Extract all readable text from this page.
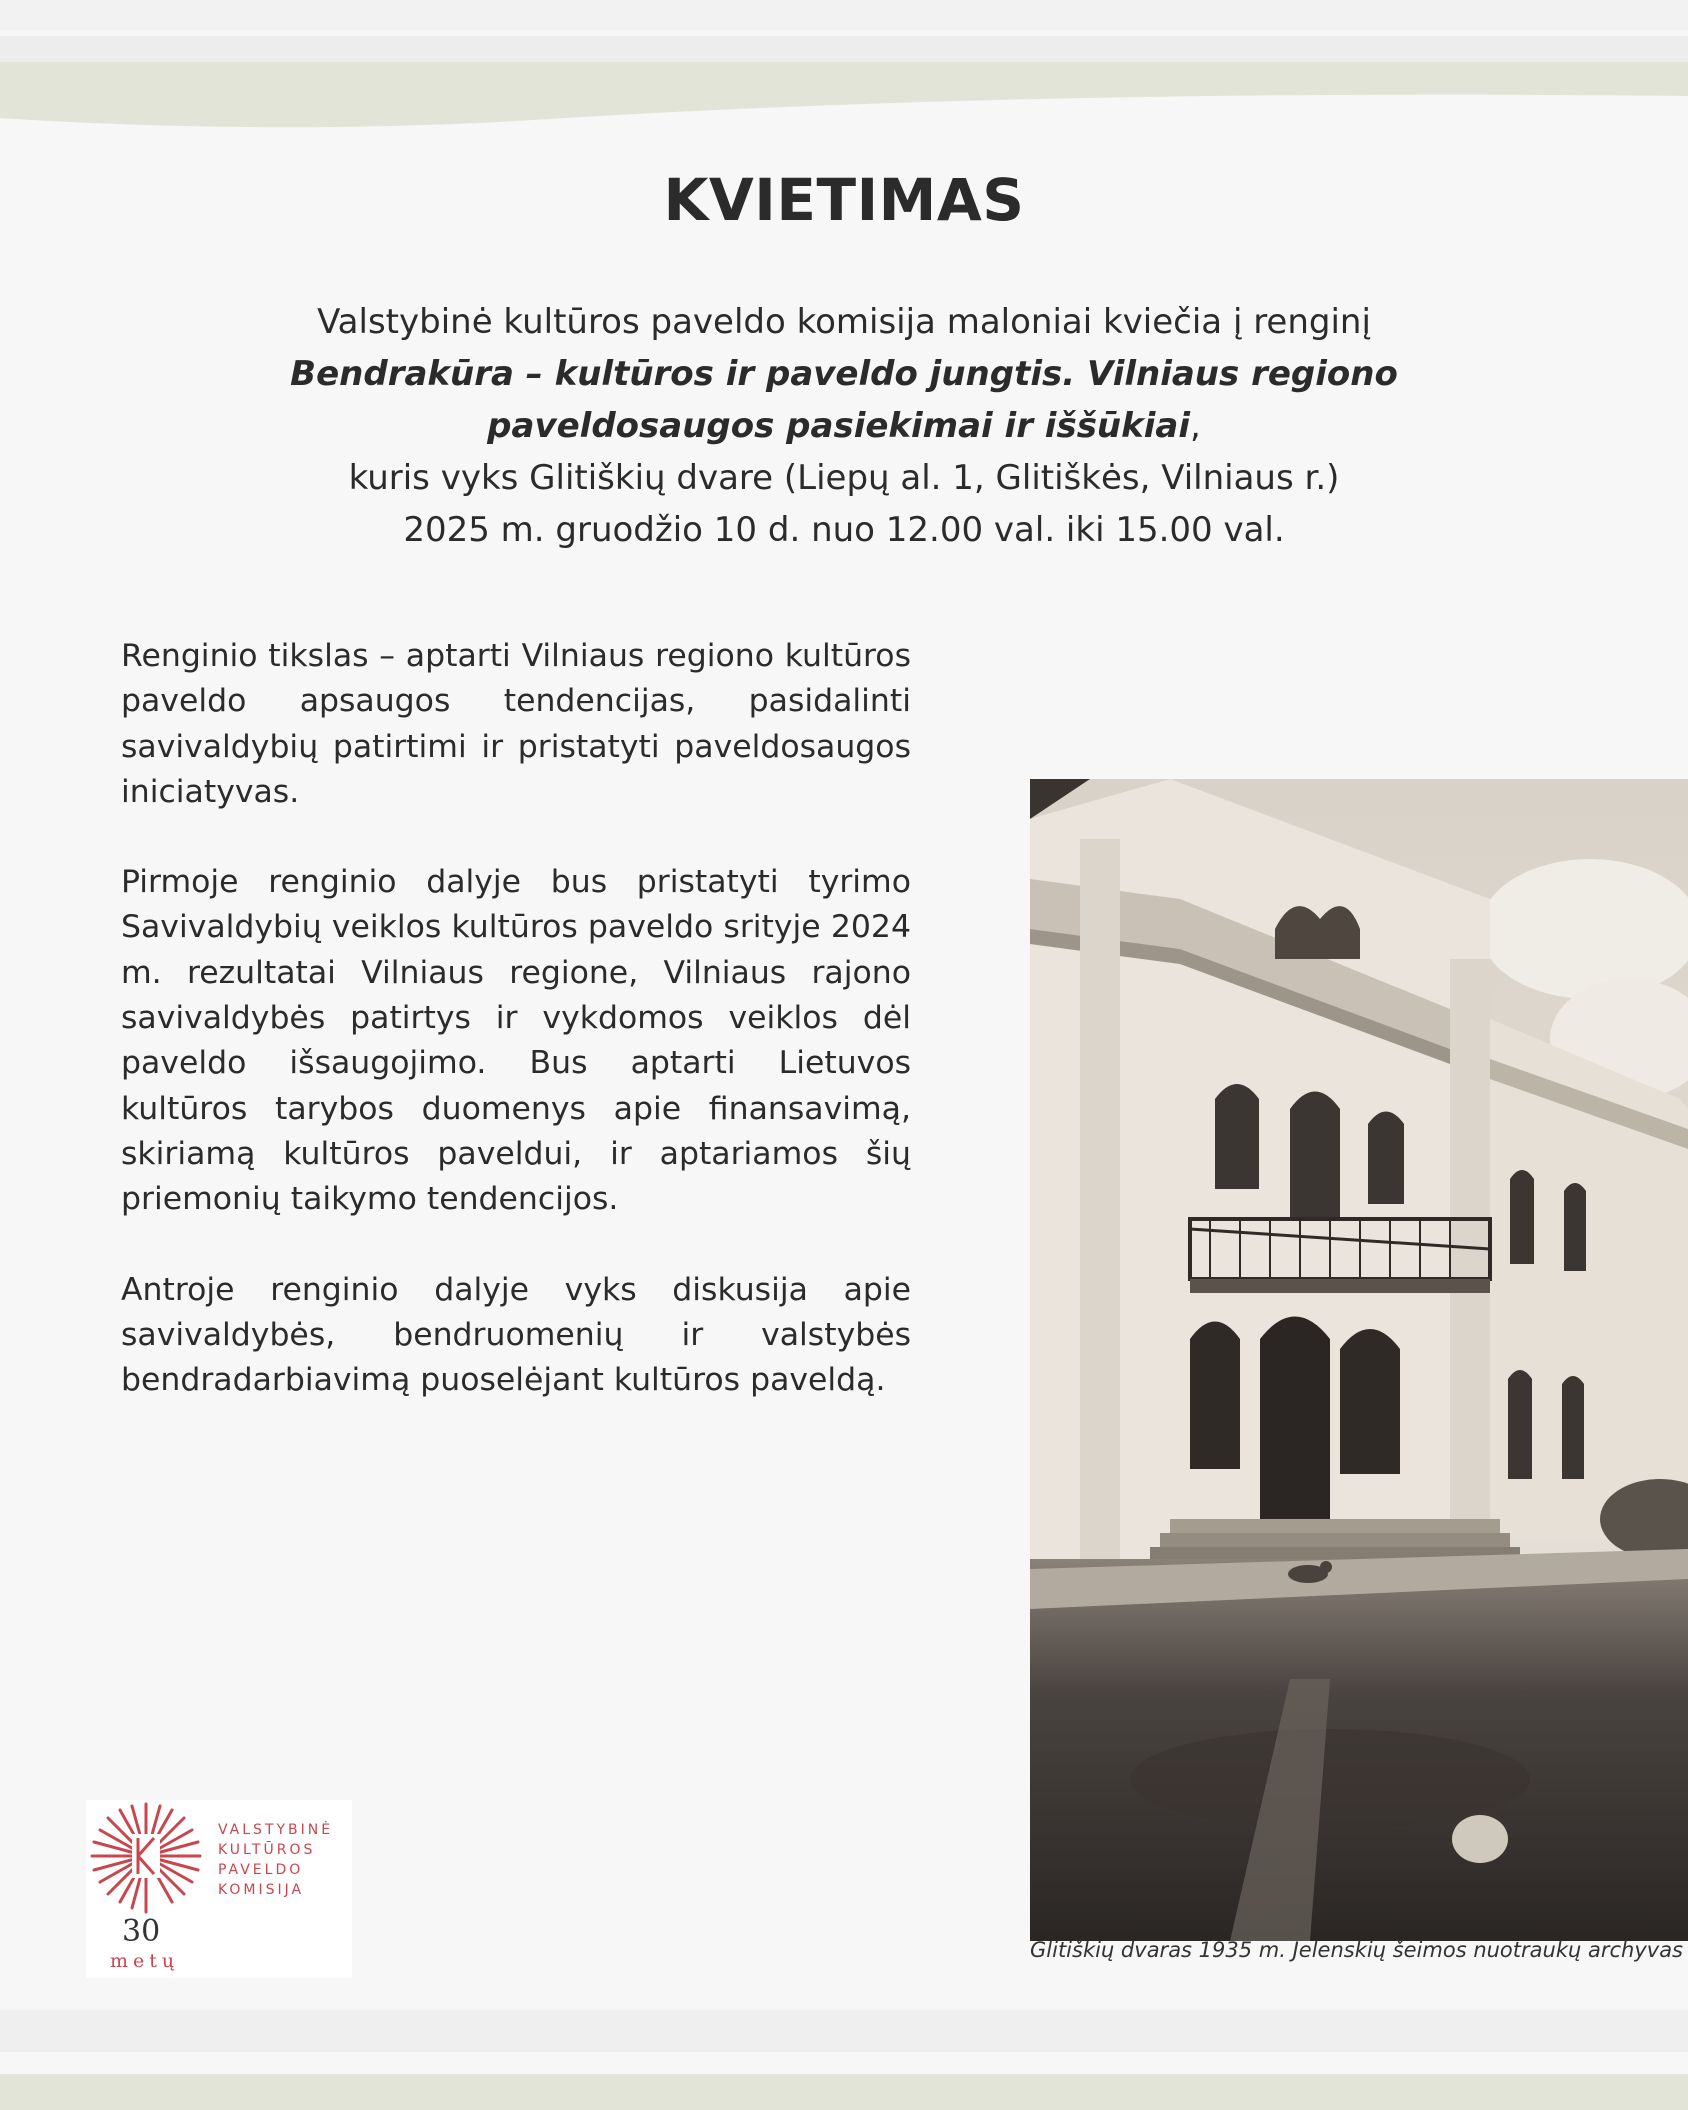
KVIETIMAS
Valstybinė kultūros paveldo komisija maloniai kviečia į renginį
Bendrakūra – kultūros ir paveldo jungtis. Vilniaus regiono
paveldosaugos pasiekimai ir iššūkiai,
kuris vyks Glitiškių dvare (Liepų al. 1, Glitiškės, Vilniaus r.)
2025 m. gruodžio 10 d. nuo 12.00 val. iki 15.00 val.

Renginio tikslas – aptarti Vilniaus regiono kultūros paveldo apsaugos tendencijas, pasidalinti savivaldybių patirtimi ir pristatyti paveldosaugos iniciatyvas.

Pirmoje renginio dalyje bus pristatyti tyrimo Savivaldybių veiklos kultūros paveldo srityje 2024 m. rezultatai Vilniaus regione, Vilniaus rajono savivaldybės patirtys ir vykdomos veiklos dėl paveldo išsaugojimo. Bus aptarti Lietuvos kultūros tarybos duomenys apie finansavimą, skiriamą kultūros paveldui, ir aptariamos šių priemonių taikymo tendencijos.

Antroje renginio dalyje vyks diskusija apie savivaldybės, bendruomenių ir valstybės bendradarbiavimą puoselėjant kultūros paveldą.

Glitiškių dvaras 1935 m. Jelenskių šeimos nuotraukų archyvas
VALSTYBINĖ
KULTŪROS
PAVELDO
KOMISIJA
30
metų
